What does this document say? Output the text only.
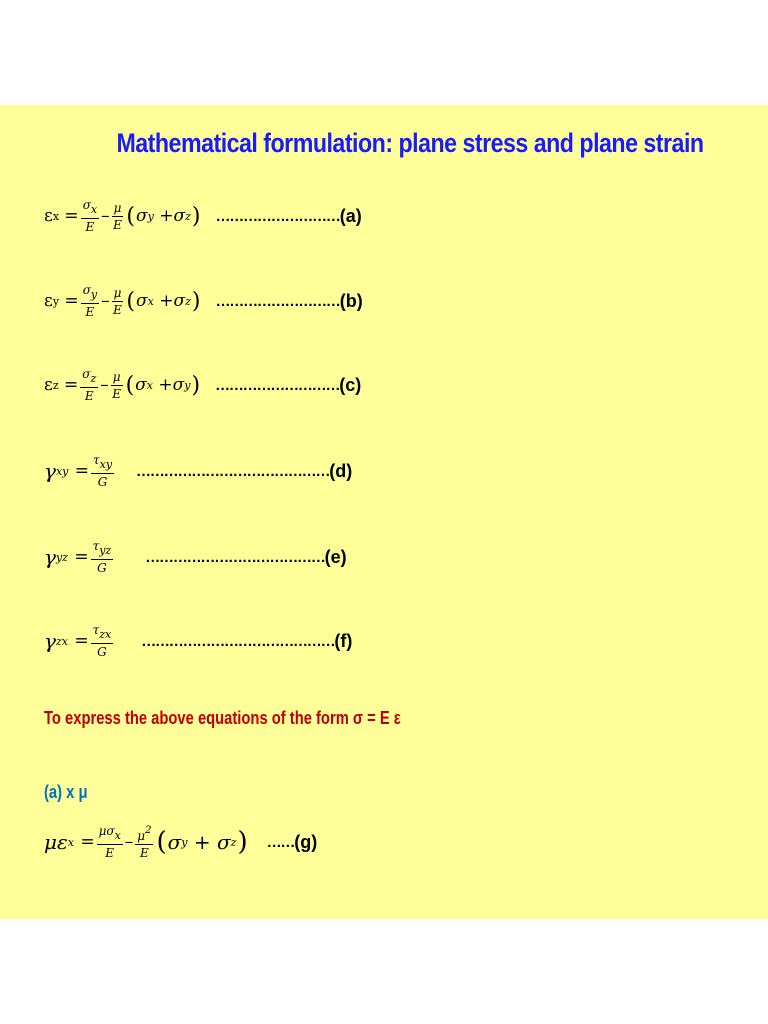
Mathematical formulation: plane stress and plane strain
ε $x = \frac{\sigma x}{E} - \frac{\mu}{E}$ ( σ y + σ z ) ……………………… (a)
ε $y = \frac{\sigma y}{E} - \frac{\mu}{E}$ ( σ x + σ z ) ……………………… (b)
ε $z = \frac{\sigma z}{E} - \frac{\mu}{E}$ ( σ x + σ y ) ……………………… (c)
γ xy
= $\frac{\text{τxy}}{G}$ …………………………………… (d)
γ yz
= $\frac{\text{τyz}}{G}$ ………………………………… (e)
γ zx
= $\frac{\text{τzx}}{G}$ …………………………………… (f)
To express the above equations of the form σ = E ε
(a) x μ
με x
= $\frac{\text{μσx}}{E} - \frac{\mu^2}{E}$ ( σ y
+
σ z ) …… (g)
